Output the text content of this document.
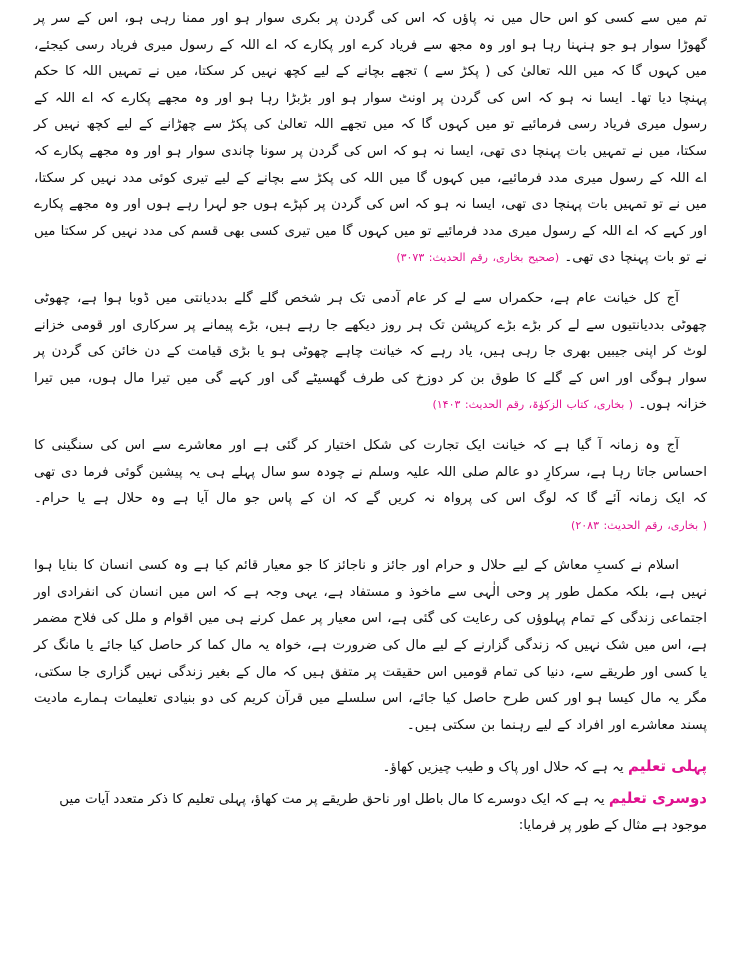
تم میں سے کسی کو اس حال میں نہ پاؤں کہ اس کی گردن پر بکری سوار ہو اور ممنا رہی ہو، اس کے سر پر گھوڑا سوار ہو جو ہنہنا رہا ہو اور وہ مجھ سے فریاد کرے اور پکارے کہ اے اللہ کے رسول میری فریاد رسی کیجئے، میں کہوں گا کہ میں اللہ تعالیٰ کی ( پکڑ سے ) تجھے بچانے کے لیے کچھ نہیں کر سکتا، میں نے تمہیں اللہ کا حکم پہنچا دیا تھا۔ ایسا نہ ہو کہ اس کی گردن پر اونٹ سوار ہو اور بڑبڑا رہا ہو اور وہ مجھے پکارے کہ اے اللہ کے رسول میری فریاد رسی فرمائیے تو میں کہوں گا کہ میں تجھے اللہ تعالیٰ کی پکڑ سے چھڑانے کے لیے کچھ نہیں کر سکتا، میں نے تمہیں بات پہنچا دی تھی، ایسا نہ ہو کہ اس کی گردن پر سونا چاندی سوار ہو اور وہ مجھے پکارے کہ اے اللہ کے رسول میری مدد فرمائیے، میں کہوں گا میں اللہ کی پکڑ سے بچانے کے لیے تیری کوئی مدد نہیں کر سکتا، میں نے تو تمہیں بات پہنچا دی تھی، ایسا نہ ہو کہ اس کی گردن پر کپڑے ہوں جو لہرا رہے ہوں اور وہ مجھے پکارے اور کہے کہ اے اللہ کے رسول میری مدد فرمائیے تو میں کہوں گا میں تیری کسی بھی قسم کی مدد نہیں کر سکتا میں نے تو بات پہنچا دی تھی۔ (صحیح بخاری، رقم الحدیث: ۳۰۷۳)

آج کل خیانت عام ہے، حکمراں سے لے کر عام آدمی تک ہر شخص گلے گلے بددیانتی میں ڈوبا ہوا ہے، چھوٹی چھوٹی بددیانتیوں سے لے کر بڑے بڑے کرپشن تک ہر روز دیکھے جا رہے ہیں، بڑے پیمانے پر سرکاری اور قومی خزانے لوٹ کر اپنی جیبیں بھری جا رہی ہیں، یاد رہے کہ خیانت چاہے چھوٹی ہو یا بڑی قیامت کے دن خائن کی گردن پر سوار ہوگی اور اس کے گلے کا طوق بن کر دوزخ کی طرف گھسیٹے گی اور کہے گی میں تیرا مال ہوں، میں تیرا خزانہ ہوں۔ ( بخاری، کتاب الزکوٰۃ، رقم الحدیث: ۱۴۰۳)

آج وہ زمانہ آ گیا ہے کہ خیانت ایک تجارت کی شکل اختیار کر گئی ہے اور معاشرے سے اس کی سنگینی کا احساس جاتا رہا ہے، سرکارِ دو عالم صلی اللہ علیہ وسلم نے چودہ سو سال پہلے ہی یہ پیشین گوئی فرما دی تھی کہ ایک زمانہ آئے گا کہ لوگ اس کی پرواہ نہ کریں گے کہ ان کے پاس جو مال آیا ہے وہ حلال ہے یا حرام۔ ( بخاری، رقم الحدیث: ۲۰۸۳)

اسلام نے کسبِ معاش کے لیے حلال و حرام اور جائز و ناجائز کا جو معیار قائم کیا ہے وہ کسی انسان کا بنایا ہوا نہیں ہے، بلکہ مکمل طور پر وحی الٰہی سے ماخوذ و مستفاد ہے، یہی وجہ ہے کہ اس میں انسان کی انفرادی اور اجتماعی زندگی کے تمام پہلوؤں کی رعایت کی گئی ہے، اس معیار پر عمل کرنے ہی میں اقوام و ملل کی فلاح مضمر ہے، اس میں شک نہیں کہ زندگی گزارنے کے لیے مال کی ضرورت ہے، خواہ یہ مال کما کر حاصل کیا جائے یا مانگ کر یا کسی اور طریقے سے، دنیا کی تمام قومیں اس حقیقت پر متفق ہیں کہ مال کے بغیر زندگی نہیں گزاری جا سکتی، مگر یہ مال کیسا ہو اور کس طرح حاصل کیا جائے، اس سلسلے میں قرآن کریم کی دو بنیادی تعلیمات ہمارے مادیت پسند معاشرے اور افراد کے لیے رہنما بن سکتی ہیں۔

پہلی تعلیم یہ ہے کہ حلال اور پاک و طیب چیزیں کھاؤ۔

دوسری تعلیم یہ ہے کہ ایک دوسرے کا مال باطل اور ناحق طریقے پر مت کھاؤ، پہلی تعلیم کا ذکر متعدد آیات میں موجود ہے مثال کے طور پر فرمایا:
